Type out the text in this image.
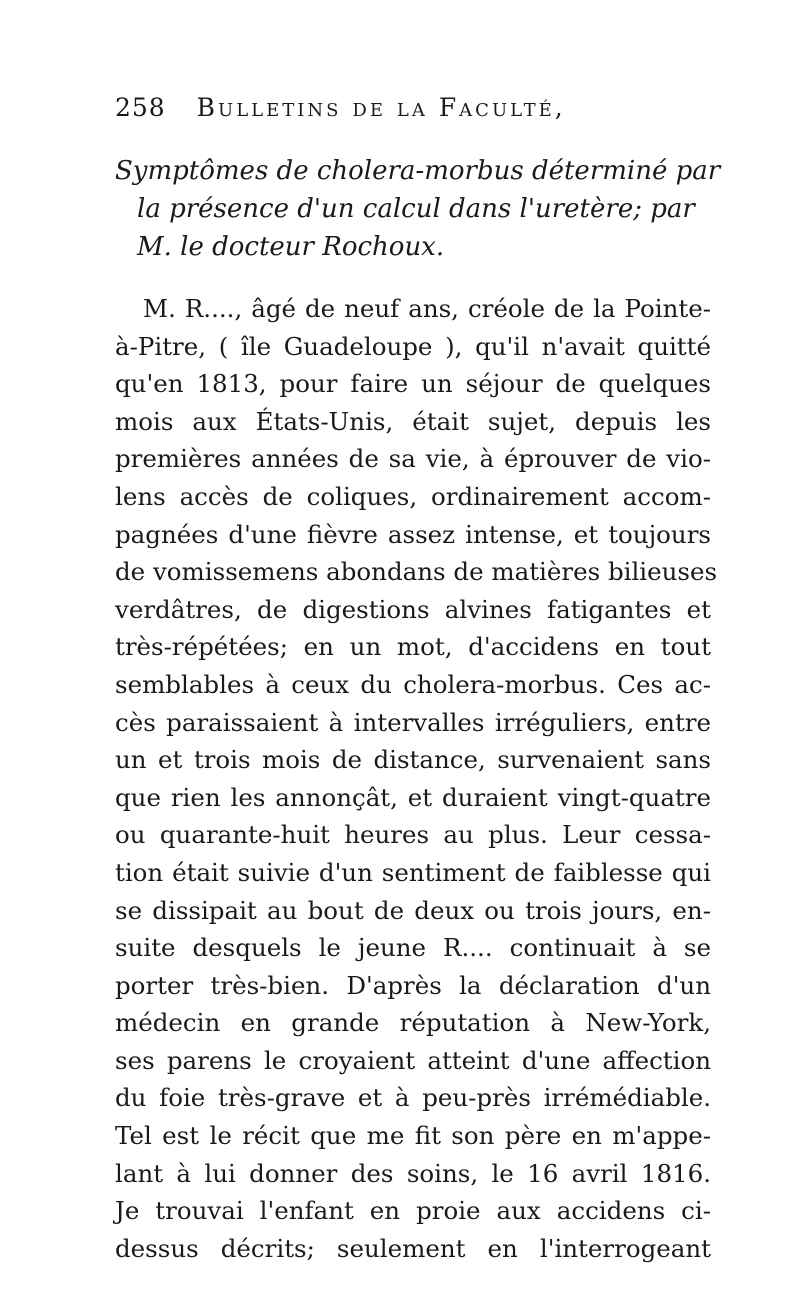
258 Bulletins de la Faculté,
Symptômes de cholera-morbus déterminé par
la présence d'un calcul dans l'uretère; par
M. le docteur Rochoux.
M. R...., âgé de neuf ans, créole de la Pointe-
à-Pitre, ( île Guadeloupe ), qu'il n'avait quitté
qu'en 1813, pour faire un séjour de quelques
mois aux États-Unis, était sujet, depuis les
premières années de sa vie, à éprouver de vio-
lens accès de coliques, ordinairement accom-
pagnées d'une fièvre assez intense, et toujours
de vomissemens abondans de matières bilieuses
verdâtres, de digestions alvines fatigantes et
très-répétées; en un mot, d'accidens en tout
semblables à ceux du cholera-morbus. Ces ac-
cès paraissaient à intervalles irréguliers, entre
un et trois mois de distance, survenaient sans
que rien les annonçât, et duraient vingt-quatre
ou quarante-huit heures au plus. Leur cessa-
tion était suivie d'un sentiment de faiblesse qui
se dissipait au bout de deux ou trois jours, en-
suite desquels le jeune R.... continuait à se
porter très-bien. D'après la déclaration d'un
médecin en grande réputation à New-York,
ses parens le croyaient atteint d'une affection
du foie très-grave et à peu-près irrémédiable.
Tel est le récit que me fit son père en m'appe-
lant à lui donner des soins, le 16 avril 1816.
Je trouvai l'enfant en proie aux accidens ci-
dessus décrits; seulement en l'interrogeant
